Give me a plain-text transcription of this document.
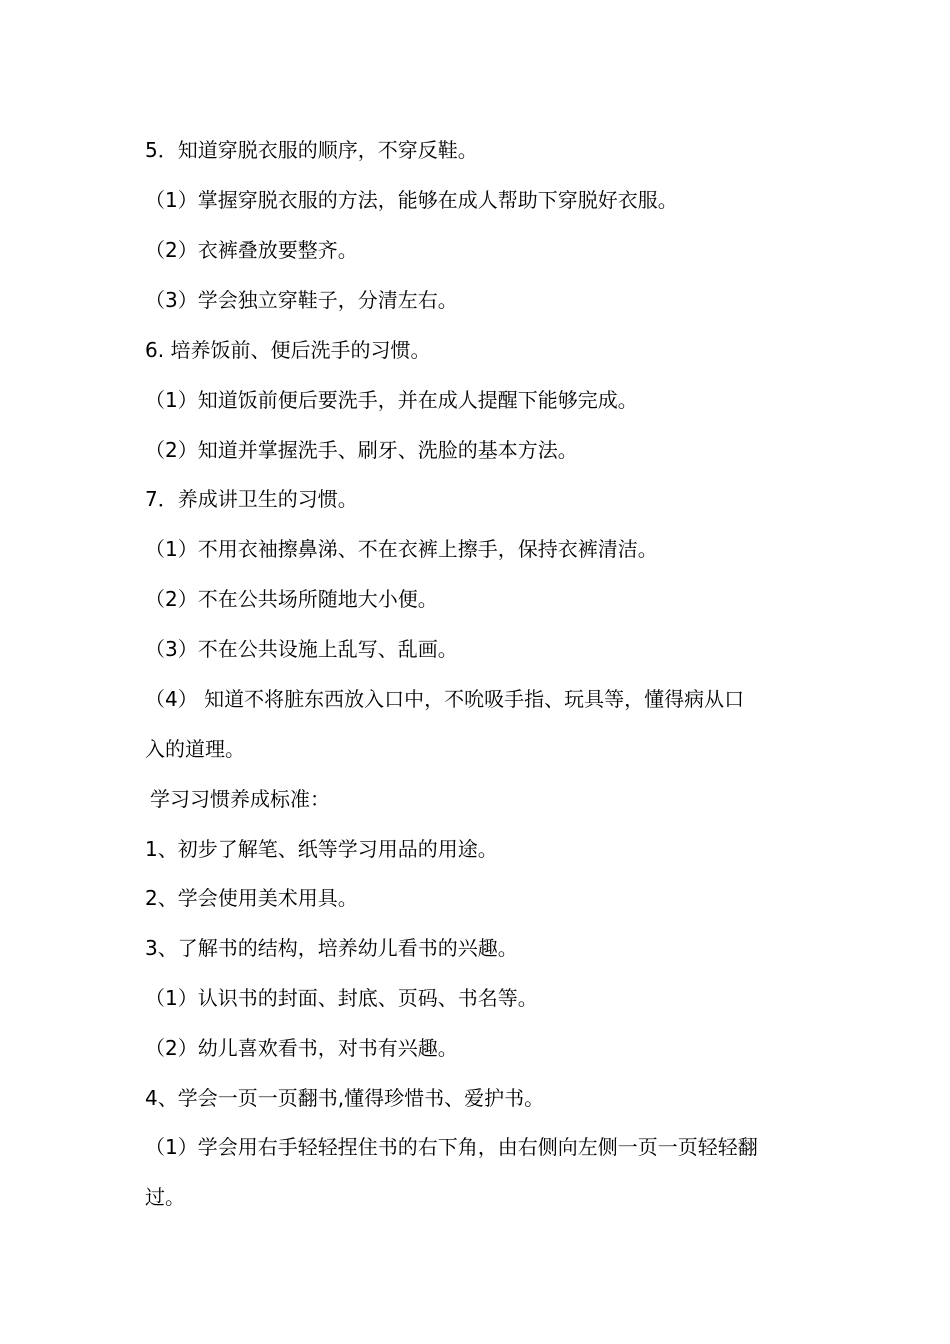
5．知道穿脱衣服的顺序，不穿反鞋。
（1）掌握穿脱衣服的方法，能够在成人帮助下穿脱好衣服。
（2）衣裤叠放要整齐。
（3）学会独立穿鞋子，分清左右。
6. 培养饭前、便后洗手的习惯。
（1）知道饭前便后要洗手，并在成人提醒下能够完成。
（2）知道并掌握洗手、刷牙、洗脸的基本方法。
7．养成讲卫生的习惯。
（1）不用衣袖擦鼻涕、不在衣裤上擦手，保持衣裤清洁。
（2）不在公共场所随地大小便。
（3）不在公共设施上乱写、乱画。
（4） 知道不将脏东西放入口中，不吮吸手指、玩具等，懂得病从口
入的道理。
学习习惯养成标准：
1、初步了解笔、纸等学习用品的用途。
2、学会使用美术用具。
3、了解书的结构，培养幼儿看书的兴趣。
（1）认识书的封面、封底、页码、书名等。
（2）幼儿喜欢看书，对书有兴趣。
4、学会一页一页翻书,懂得珍惜书、爱护书。
（1）学会用右手轻轻捏住书的右下角，由右侧向左侧一页一页轻轻翻
过。
